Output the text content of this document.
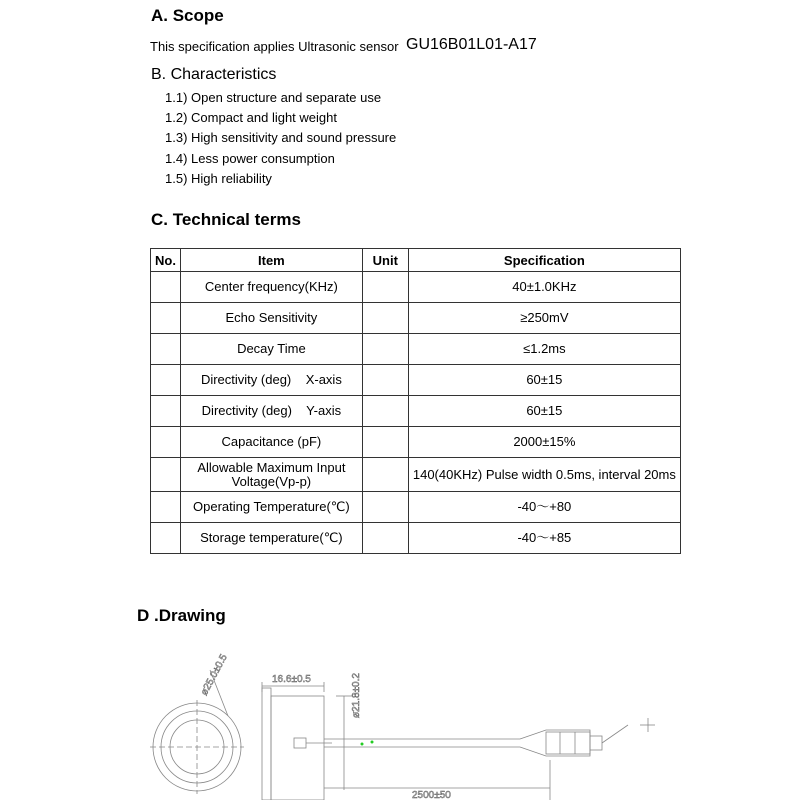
A. Scope
This specification applies Ultrasonic sensor GU16B01L01-A17
B. Characteristics
1.1) Open structure and separate use
1.2) Compact and light weight
1.3) High sensitivity and sound pressure
1.4) Less power consumption
1.5) High reliability
C. Technical terms
No.	Item	Unit	Specification
	Center frequency(KHz)		40±1.0KHz
	Echo Sensitivity		≥250mV
	Decay Time		≤1.2ms
	Directivity (deg)    X-axis		60±15
	Directivity (deg)    Y-axis		60±15
	Capacitance (pF)		2000±15%

	Allowable Maximum Input
Voltage(Vp-p)		140(40KHz) Pulse width 0.5ms, interval 20ms
	Operating Temperature(℃)		-40～+80
	Storage temperature(℃)		-40～+85
D .Drawing
ø25.0±0.5	16.6±0.5	ø21.8±0.2
2500±50
